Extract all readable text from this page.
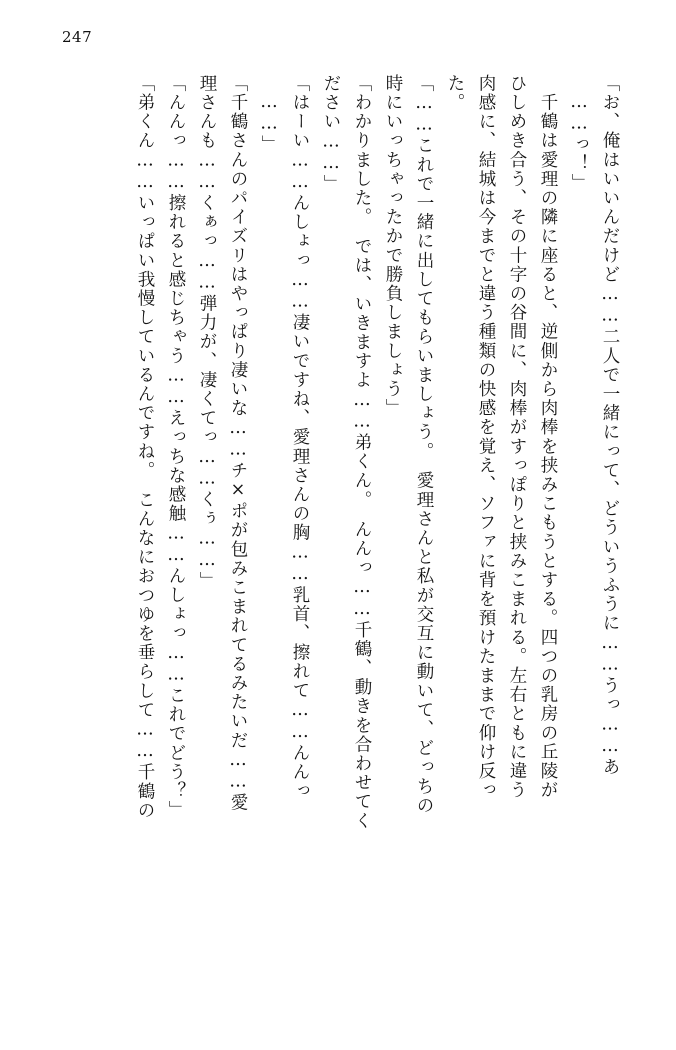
247
「お、俺はいいんだけど……二人で一緒にって、どういうふうに……うっ……あ
……っ！」
　千鶴は愛理の隣に座ると、逆側から肉棒を挟みこもうとする。四つの乳房の丘陵が
ひしめき合う、その十字の谷間に、肉棒がすっぽりと挟みこまれる。左右ともに違う
肉感に、結城は今までと違う種類の快感を覚え、ソファに背を預けたままで仰け反っ
た。
「……これで一緒に出してもらいましょう。　愛理さんと私が交互に動いて、どっちの
時にいっちゃったかで勝負しましょう」
「わかりました。　では、いきますよ……弟くん。　んんっ……千鶴、動きを合わせてく
ださい……」
「はーい……んしょっ……凄いですね、愛理さんの胸……乳首、擦れて……んんっ
……」
「千鶴さんのパイズリはやっぱり凄いな……チ×ポが包みこまれてるみたいだ……愛
理さんも……くぁっ……弾力が、凄くてっ……くぅ……」
「んんっ……擦れると感じちゃう……えっちな感触……んしょっ……これでどう？」
「弟くん……いっぱい我慢しているんですね。　こんなにおつゆを垂らして……千鶴の
